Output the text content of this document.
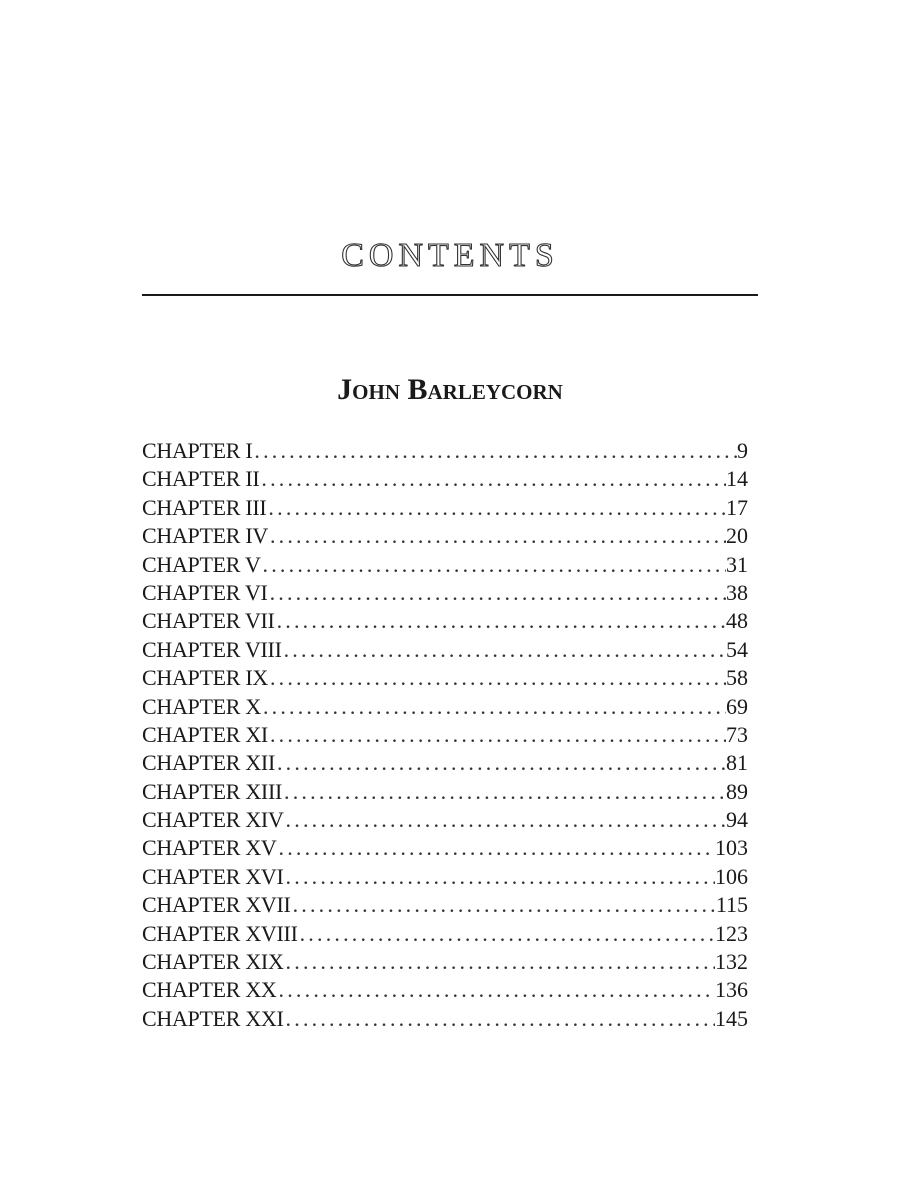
CONTENTS
John Barleycorn
CHAPTER I .....	9
CHAPTER II .....	14
CHAPTER III .....	17
CHAPTER IV .....	20
CHAPTER V .....	31
CHAPTER VI .....	38
CHAPTER VII .....	48
CHAPTER VIII .....	54
CHAPTER IX .....	58
CHAPTER X .....	69
CHAPTER XI .....	73
CHAPTER XII .....	81
CHAPTER XIII .....	89
CHAPTER XIV .....	94
CHAPTER XV .....	103
CHAPTER XVI .....	106
CHAPTER XVII .....	115
CHAPTER XVIII .....	123
CHAPTER XIX .....	132
CHAPTER XX .....	136
CHAPTER XXI .....	145
